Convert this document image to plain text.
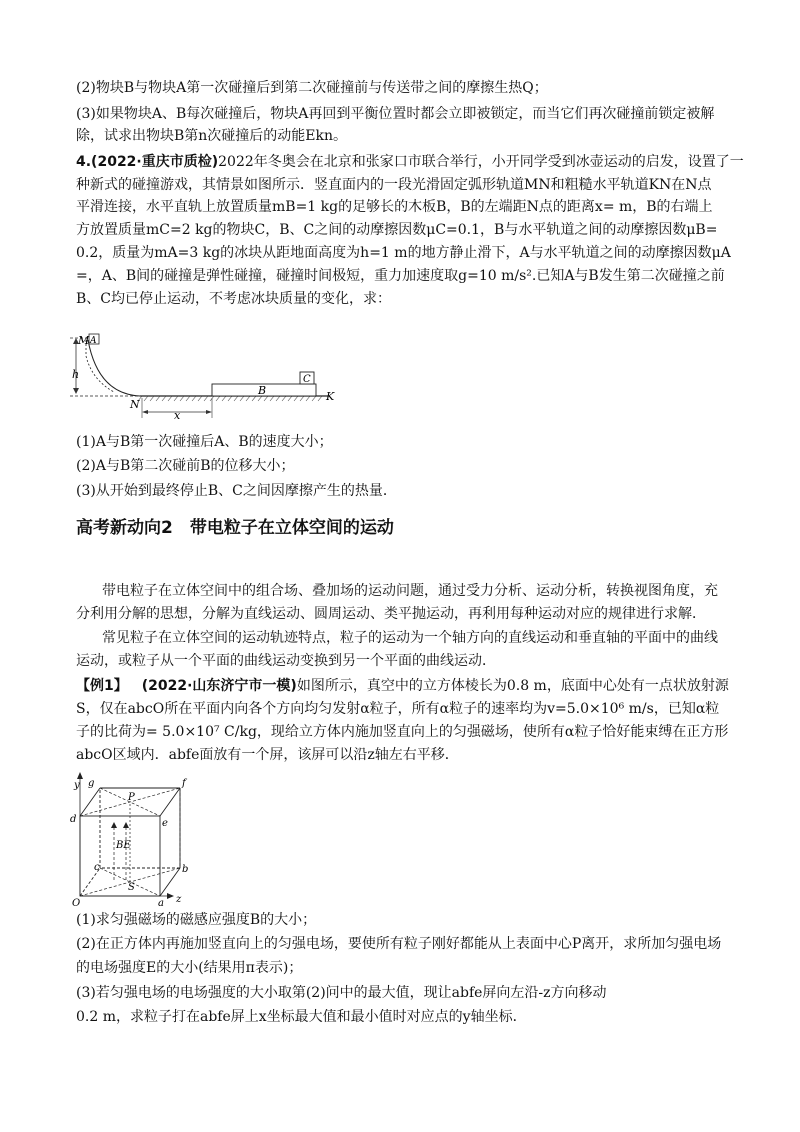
(2)物块B与物块A第一次碰撞后到第二次碰撞前与传送带之间的摩擦生热Q；
(3)如果物块A、B每次碰撞后，物块A再回到平衡位置时都会立即被锁定，而当它们再次碰撞前锁定被解
除，试求出物块B第n次碰撞后的动能Ekn。
4.(2022·重庆市质检)2022年冬奥会在北京和张家口市联合举行，小开同学受到冰壶运动的启发，设置了一
种新式的碰撞游戏，其情景如图所示．竖直面内的一段光滑固定弧形轨道MN和粗糙水平轨道KN在N点
平滑连接，水平直轨上放置质量mB=1 kg的足够长的木板B，B的左端距N点的距离x= m，B的右端上
方放置质量mC=2 kg的物块C，B、C之间的动摩擦因数μC=0.1，B与水平轨道之间的动摩擦因数μB=
0.2，质量为mA=3 kg的冰块从距地面高度为h=1 m的地方静止滑下，A与水平轨道之间的动摩擦因数μA
=，A、B间的碰撞是弹性碰撞，碰撞时间极短，重力加速度取g=10 m/s².已知A与B发生第二次碰撞之前
B、C均已停止运动，不考虑冰块质量的变化，求：
h
A
M
N
K
B
C
x
(1)A与B第一次碰撞后A、B的速度大小；
(2)A与B第二次碰前B的位移大小；
(3)从开始到最终停止B、C之间因摩擦产生的热量．
高考新动向2　带电粒子在立体空间的运动
带电粒子在立体空间中的组合场、叠加场的运动问题，通过受力分析、运动分析，转换视图角度，充
分利用分解的思想，分解为直线运动、圆周运动、类平抛运动，再利用每种运动对应的规律进行求解．
常见粒子在立体空间的运动轨迹特点，粒子的运动为一个轴方向的直线运动和垂直轴的平面中的曲线
运动，或粒子从一个平面的曲线运动变换到另一个平面的曲线运动．
【例1】 (2022·山东济宁市一模)如图所示，真空中的立方体棱长为0.8 m，底面中心处有一点状放射源
S，仅在abcO所在平面内向各个方向均匀发射α粒子，所有α粒子的速率均为v=5.0×10⁶ m/s，已知α粒
子的比荷为= 5.0×10⁷ C/kg，现给立方体内施加竖直向上的匀强磁场，使所有α粒子恰好能束缚在正方形
abcO区域内．abfe面放有一个屏，该屏可以沿z轴左右平移．
y g
P
f
d	e
BE
c
S
b
O	a z
(1)求匀强磁场的磁感应强度B的大小；
(2)在正方体内再施加竖直向上的匀强电场，要使所有粒子刚好都能从上表面中心P离开，求所加匀强电场
的电场强度E的大小(结果用π表示)；
(3)若匀强电场的电场强度的大小取第(2)问中的最大值，现让abfe屏向左沿-z方向移动
0.2 m，求粒子打在abfe屏上x坐标最大值和最小值时对应点的y轴坐标．
